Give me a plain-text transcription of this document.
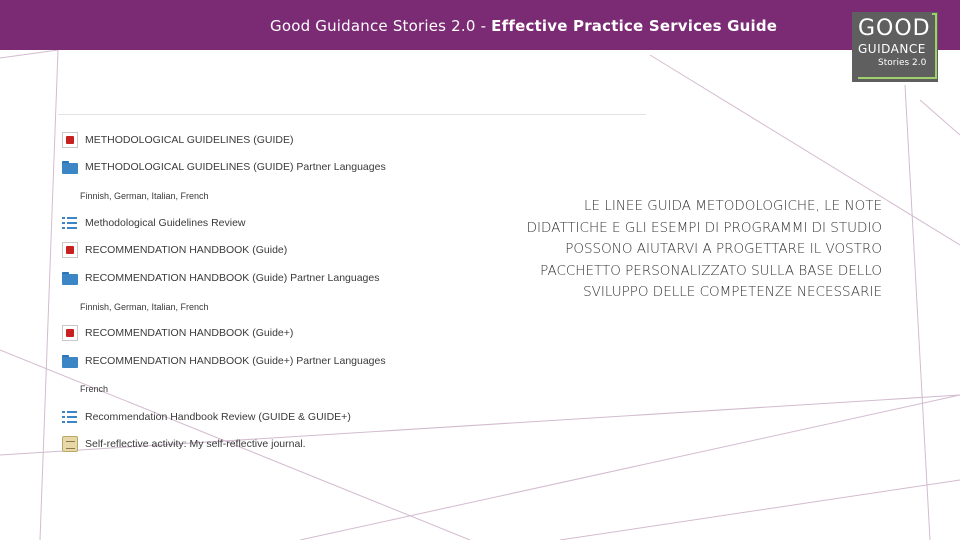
Good Guidance Stories 2.0 - Effective Practice Services Guide	GOOD
GUIDANCE
Stories 2.0
METHODOLOGICAL GUIDELINES (GUIDE)
METHODOLOGICAL GUIDELINES (GUIDE) Partner Languages
Finnish, German, Italian, French
Methodological Guidelines Review
RECOMMENDATION HANDBOOK (Guide)
RECOMMENDATION HANDBOOK (Guide) Partner Languages
Finnish, German, Italian, French
RECOMMENDATION HANDBOOK (Guide+)
RECOMMENDATION HANDBOOK (Guide+) Partner Languages
French
Recommendation Handbook Review (GUIDE & GUIDE+)
Self-reflective activity: My self-reflective journal.
LE LINEE GUIDA METODOLOGICHE, LE NOTE DIDATTICHE E GLI ESEMPI DI PROGRAMMI DI STUDIO POSSONO AIUTARVI A PROGETTARE IL VOSTRO PACCHETTO PERSONALIZZATO SULLA BASE DELLO SVILUPPO DELLE COMPETENZE NECESSARIE
